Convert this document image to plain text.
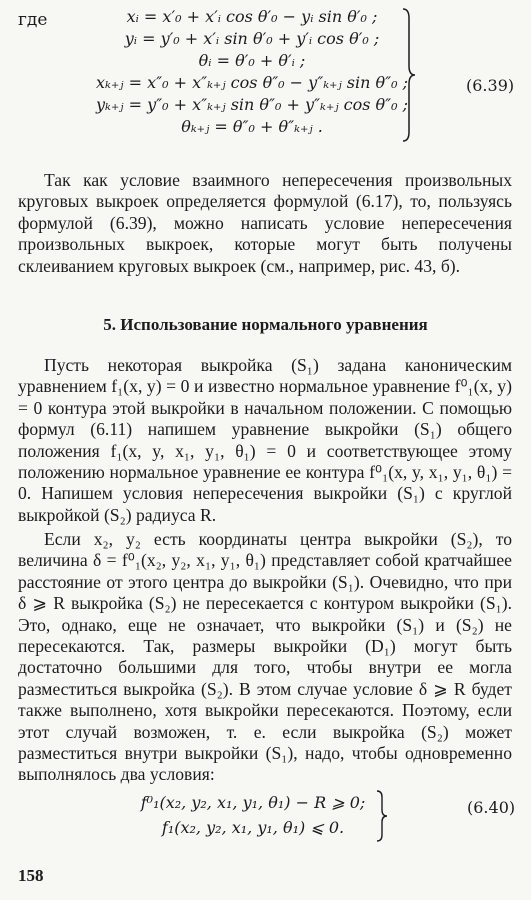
где	xᵢ = x′₀ + x′ᵢ cos θ′₀ − yᵢ sin θ′₀ ;
yᵢ = y′₀ + x′ᵢ sin θ′₀ + y′ᵢ cos θ′₀ ;
θᵢ = θ′₀ + θ′ᵢ ;
xₖ₊ⱼ = x″₀ + x″ₖ₊ⱼ cos θ″₀ − y″ₖ₊ⱼ sin θ″₀ ;
yₖ₊ⱼ = y″₀ + x″ₖ₊ⱼ sin θ″₀ + y″ₖ₊ⱼ cos θ″₀ ;
θₖ₊ⱼ = θ″₀ + θ″ₖ₊ⱼ .
(6.39)

Так как условие взаимного непересечения произвольных круговых выкроек определяется формулой (6.17), то, пользуясь формулой (6.39), можно написать условие непересечения произвольных выкроек, которые могут быть получены склеиванием круговых выкроек (см., например, рис. 43, б).

5. Использование нормального уравнения

Пусть некоторая выкройка (S₁) задана каноническим уравнением f₁(x, y) = 0 и известно нормальное уравнение f⁰₁(x, y) = 0 контура этой выкройки в начальном положении. С помощью формул (6.11) напишем уравнение выкройки (S₁) общего положения f₁(x, y, x₁, y₁, θ₁) = 0 и соответствующее этому положению нормальное уравнение ее контура f⁰₁(x, y, x₁, y₁, θ₁) = 0. Напишем условия непересечения выкройки (S₁) с круглой выкройкой (S₂) радиуса R.

Если x₂, y₂ есть координаты центра выкройки (S₂), то величина δ = f⁰₁(x₂, y₂, x₁, y₁, θ₁) представляет собой кратчайшее расстояние от этого центра до выкройки (S₁). Очевидно, что при δ ⩾ R выкройка (S₂) не пересекается с контуром выкройки (S₁). Это, однако, еще не означает, что выкройки (S₁) и (S₂) не пересекаются. Так, размеры выкройки (D₁) могут быть достаточно большими для того, чтобы внутри ее могла разместиться выкройка (S₂). В этом случае условие δ ⩾ R будет также выполнено, хотя выкройки пересекаются. Поэтому, если этот случай возможен, т. е. если выкройка (S₂) может разместиться внутри выкройки (S₁), надо, чтобы одновременно выполнялось два условия:

f⁰₁(x₂, y₂, x₁, y₁, θ₁) − R ⩾ 0;
f₁(x₂, y₂, x₁, y₁, θ₁) ⩽ 0.
(6.40)
158
